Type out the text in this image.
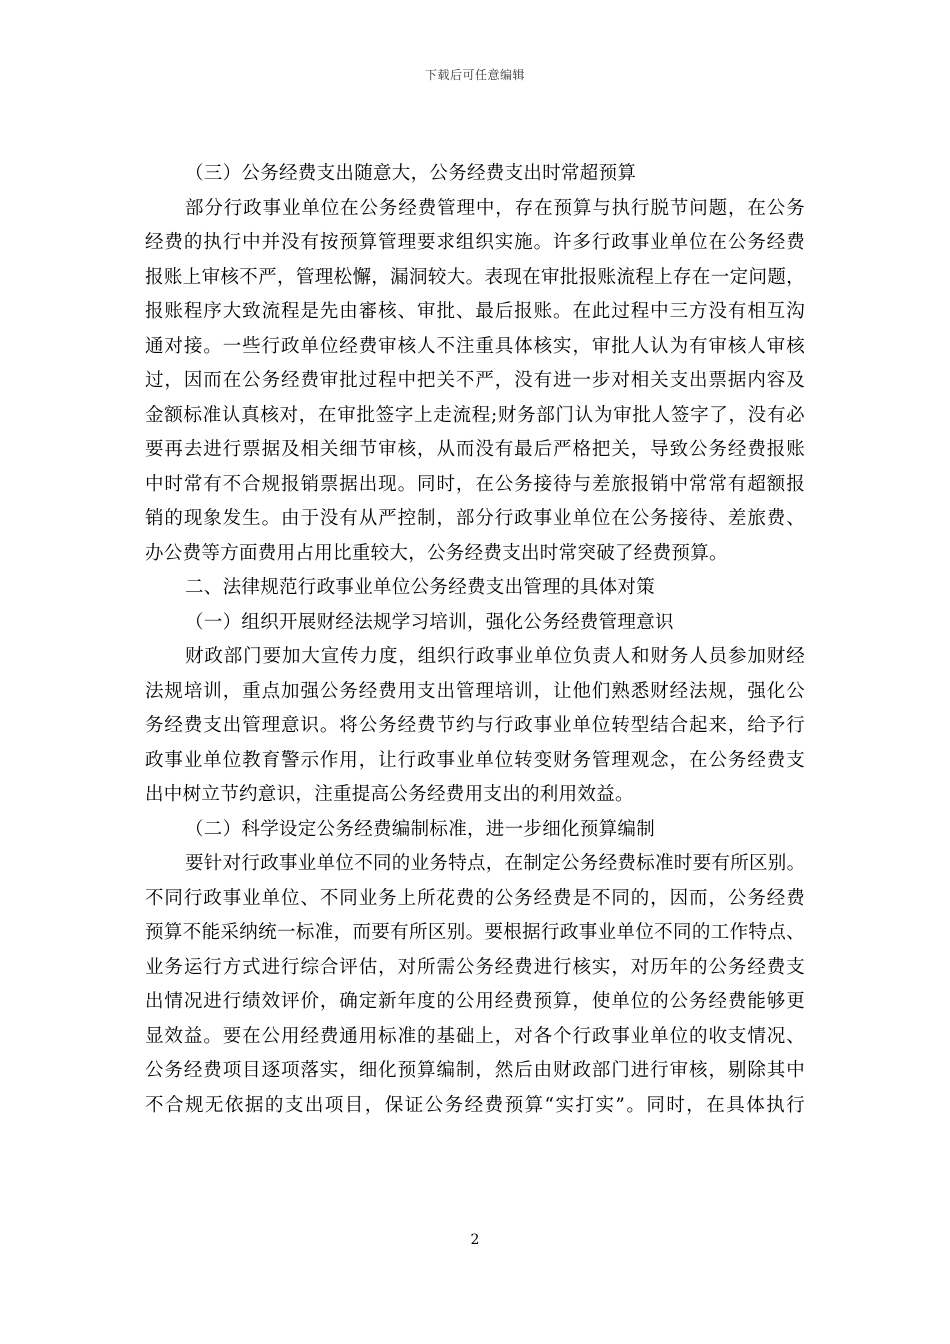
下载后可任意编辑
（三）公务经费支出随意大，公务经费支出时常超预算
部分行政事业单位在公务经费管理中，存在预算与执行脱节问题，在公务
经费的执行中并没有按预算管理要求组织实施。许多行政事业单位在公务经费
报账上审核不严，管理松懈，漏洞较大。表现在审批报账流程上存在一定问题，
报账程序大致流程是先由審核、审批、最后报账。在此过程中三方没有相互沟
通对接。一些行政单位经费审核人不注重具体核实，审批人认为有审核人审核
过，因而在公务经费审批过程中把关不严，没有进一步对相关支出票据内容及
金额标准认真核对，在审批签字上走流程;财务部门认为审批人签字了，没有必
要再去进行票据及相关细节审核，从而没有最后严格把关，导致公务经费报账
中时常有不合规报销票据出现。同时，在公务接待与差旅报销中常常有超额报
销的现象发生。由于没有从严控制，部分行政事业单位在公务接待、差旅费、
办公费等方面费用占用比重较大，公务经费支出时常突破了经费预算。
二、法律规范行政事业单位公务经费支出管理的具体对策
（一）组织开展财经法规学习培训，强化公务经费管理意识
财政部门要加大宣传力度，组织行政事业单位负责人和财务人员参加财经
法规培训，重点加强公务经费用支出管理培训，让他们熟悉财经法规，强化公
务经费支出管理意识。将公务经费节约与行政事业单位转型结合起来，给予行
政事业单位教育警示作用，让行政事业单位转变财务管理观念，在公务经费支
出中树立节约意识，注重提高公务经费用支出的利用效益。
（二）科学设定公务经费编制标准，进一步细化预算编制
要针对行政事业单位不同的业务特点，在制定公务经费标准时要有所区别。
不同行政事业单位、不同业务上所花费的公务经费是不同的，因而，公务经费
预算不能采纳统一标准，而要有所区别。要根据行政事业单位不同的工作特点、
业务运行方式进行综合评估，对所需公务经费进行核实，对历年的公务经费支
出情况进行绩效评价，确定新年度的公用经费预算，使单位的公务经费能够更
显效益。要在公用经费通用标准的基础上，对各个行政事业单位的收支情况、
公务经费项目逐项落实，细化预算编制，然后由财政部门进行审核，剔除其中
不合规无依据的支出项目，保证公务经费预算“实打实”。同时，在具体执行
2
